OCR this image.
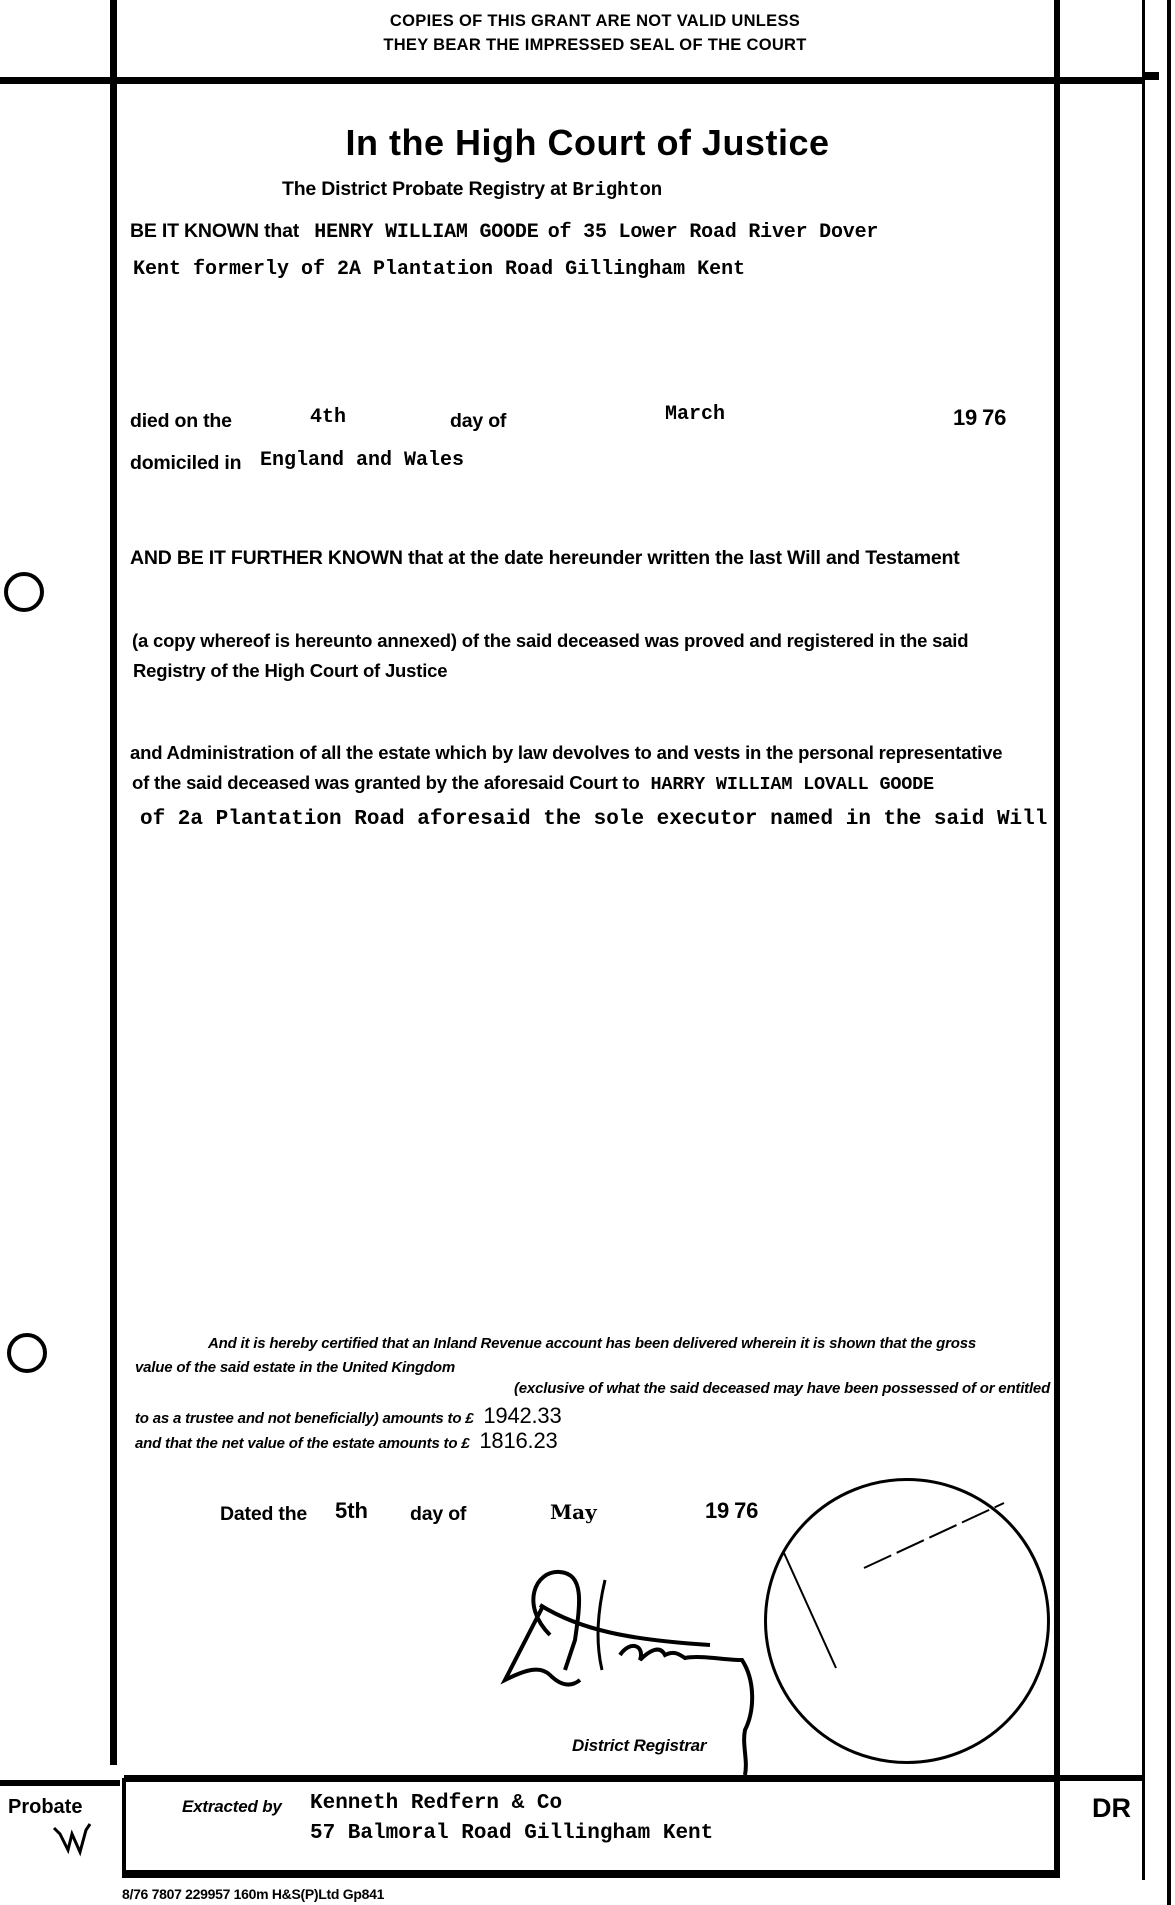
COPIES OF THIS GRANT ARE NOT VALID UNLESS
THEY BEAR THE IMPRESSED SEAL OF THE COURT
In the High Court of Justice
The District Probate Registry at Brighton
BE IT KNOWN that HENRY WILLIAM GOODE of 35 Lower Road River Dover
Kent formerly of 2A Plantation Road Gillingham Kent
died on the	4th	day of	March	19 76
domiciled in England and Wales
AND BE IT FURTHER KNOWN that at the date hereunder written the last Will and Testament
(a copy whereof is hereunto annexed) of the said deceased was proved and registered in the said
Registry of the High Court of Justice
and Administration of all the estate which by law devolves to and vests in the personal representative
of the said deceased was granted by the aforesaid Court to HARRY WILLIAM LOVALL GOODE
of 2a Plantation Road aforesaid the sole executor named in the said Will
And it is hereby certified that an Inland Revenue account has been delivered wherein it is shown that the gross
value of the said estate in the United Kingdom
(exclusive of what the said deceased may have been possessed of or entitled
to as a trustee and not beneficially) amounts to £ 1942.33
and that the net value of the estate amounts to £ 1816.23
Dated the 5th day of	May	19 76
District Registrar
Probate	Extracted by Kenneth Redfern & Co
57 Balmoral Road Gillingham Kent
DR
8/76 7807 229957 160m H&S(P)Ltd Gp841
